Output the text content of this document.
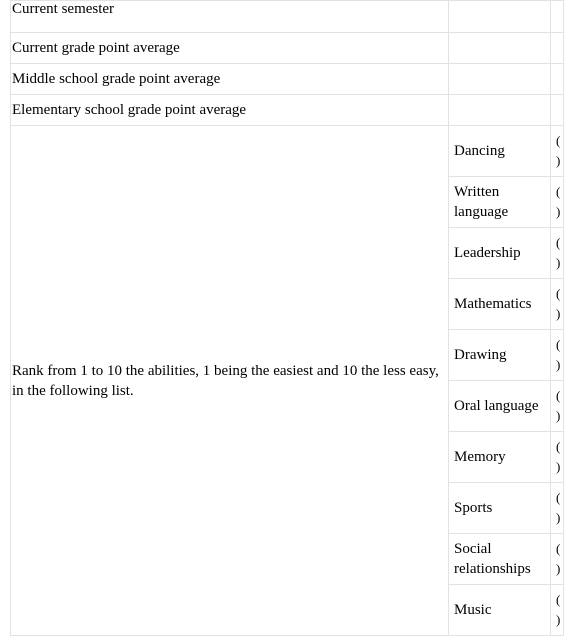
Current semester		
Current grade point average		
Middle school grade point average		
Elementary school grade point average		
Rank from 1 to 10 the abilities, 1 being the easiest and 10 the less easy, in the following list.	Dancing	(
)

	Written language	(
)

	Leadership	(
)

	Mathematics	(
)

	Drawing	(
)

	Oral language	(
)

	Memory	(
)

	Sports	(
)

	Social relationships	(
)

	Music	(
)
